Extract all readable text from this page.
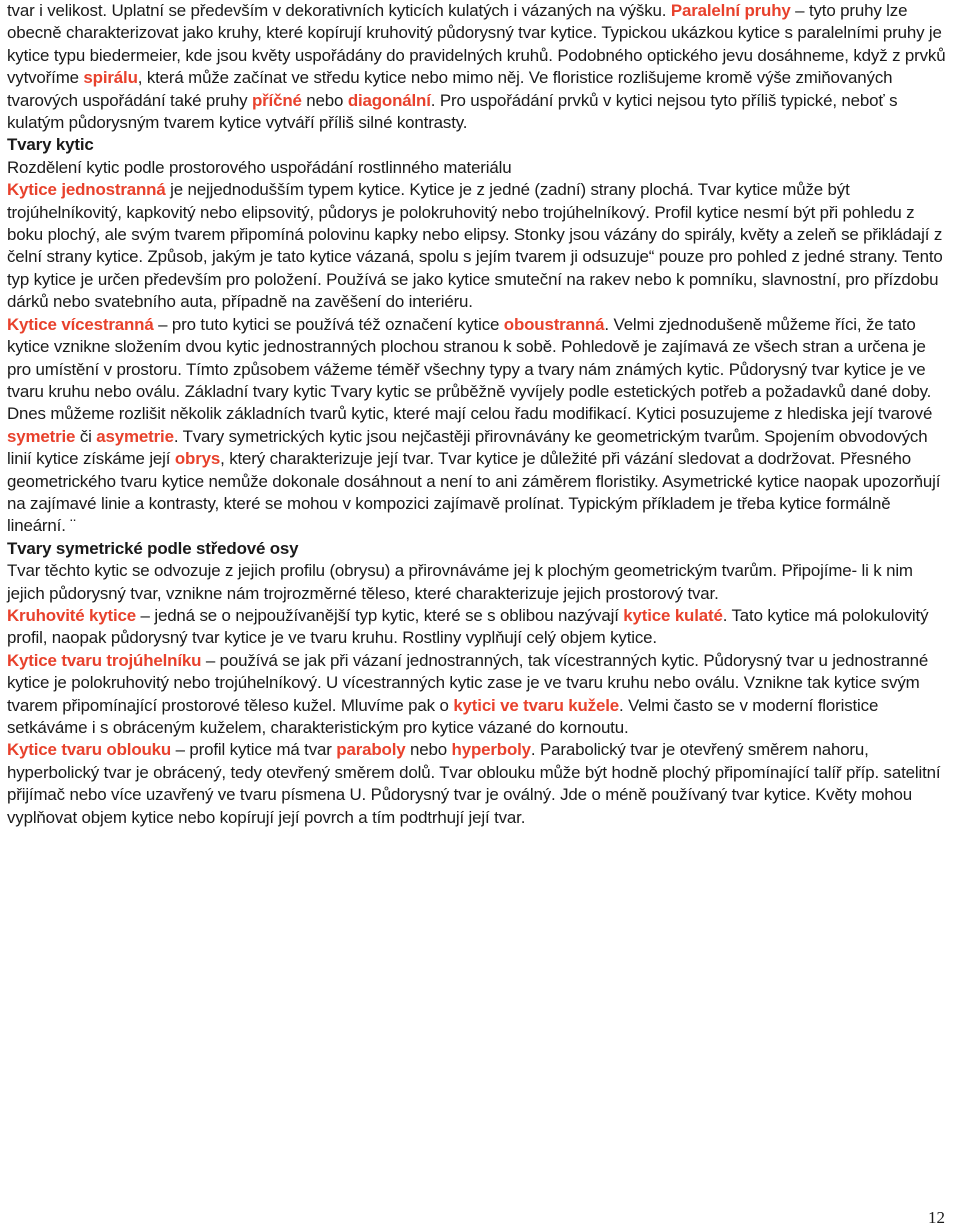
tvar i velikost. Uplatní se především v dekorativních kyticích kulatých i vázaných na výšku. Paralelní pruhy – tyto pruhy lze obecně charakterizovat jako kruhy, které kopírují kruhovitý půdorysný tvar kytice. Typickou ukázkou kytice s paralelními pruhy je kytice typu biedermeier, kde jsou květy uspořádány do pravidelných kruhů. Podobného optického jevu dosáhneme, když z prvků vytvoříme spirálu, která může začínat ve středu kytice nebo mimo něj. Ve floristice rozlišujeme kromě výše zmiňovaných tvarových uspořádání také pruhy příčné nebo diagonální. Pro uspořádání prvků v kytici nejsou tyto příliš typické, neboť s kulatým půdorysným tvarem kytice vytváří příliš silné kontrasty.

Tvary kytic

Rozdělení kytic podle prostorového uspořádání rostlinného materiálu

Kytice jednostranná je nejjednodušším typem kytice. Kytice je z jedné (zadní) strany plochá. Tvar kytice může být trojúhelníkovitý, kapkovitý nebo elipsovitý, půdorys je polokruhovitý nebo trojúhelníkový. Profil kytice nesmí být při pohledu z boku plochý, ale svým tvarem připomíná polovinu kapky nebo elipsy. Stonky jsou vázány do spirály, květy a zeleň se přikládají z čelní strany kytice. Způsob, jakým je tato kytice vázaná, spolu s jejím tvarem ji odsuzuje“ pouze pro pohled z jedné strany. Tento typ kytice je určen především pro položení. Používá se jako kytice smuteční na rakev nebo k pomníku, slavnostní, pro přízdobu dárků nebo svatebního auta, případně na zavěšení do interiéru.

Kytice vícestranná – pro tuto kytici se používá též označení kytice oboustranná. Velmi zjednodušeně můžeme říci, že tato kytice vznikne složením dvou kytic jednostranných plochou stranou k sobě. Pohledově je zajímavá ze všech stran a určena je pro umístění v prostoru. Tímto způsobem vážeme téměř všechny typy a tvary nám známých kytic. Půdorysný tvar kytice je ve tvaru kruhu nebo oválu. Základní tvary kytic Tvary kytic se průběžně vyvíjely podle estetických potřeb a požadavků dané doby. Dnes můžeme rozlišit několik základních tvarů kytic, které mají celou řadu modifikací. Kytici posuzujeme z hlediska její tvarové symetrie či asymetrie. Tvary symetrických kytic jsou nejčastěji přirovnávány ke geometrickým tvarům. Spojením obvodových linií kytice získáme její obrys, který charakterizuje její tvar. Tvar kytice je důležité při vázání sledovat a dodržovat. Přesného geometrického tvaru kytice nemůže dokonale dosáhnout a není to ani záměrem floristiky. Asymetrické kytice naopak upozorňují na zajímavé linie a kontrasty, které se mohou v kompozici zajímavě prolínat. Typickým příkladem je třeba kytice formálně lineární. ¨

Tvary symetrické podle středové osy

Tvar těchto kytic se odvozuje z jejich profilu (obrysu) a přirovnáváme jej k plochým geometrickým tvarům. Připojíme- li k nim jejich půdorysný tvar, vznikne nám trojrozměrné těleso, které charakterizuje jejich prostorový tvar.

Kruhovité kytice – jedná se o nejpoužívanější typ kytic, které se s oblibou nazývají kytice kulaté. Tato kytice má polokulovitý profil, naopak půdorysný tvar kytice je ve tvaru kruhu. Rostliny vyplňují celý objem kytice.

Kytice tvaru trojúhelníku – používá se jak při vázaní jednostranných, tak vícestranných kytic. Půdorysný tvar u jednostranné kytice je polokruhovitý nebo trojúhelníkový. U vícestranných kytic zase je ve tvaru kruhu nebo oválu. Vznikne tak kytice svým tvarem připomínající prostorové těleso kužel. Mluvíme pak o kytici ve tvaru kužele. Velmi často se v moderní floristice setkáváme i s obráceným kuželem, charakteristickým pro kytice vázané do kornoutu.

Kytice tvaru oblouku – profil kytice má tvar paraboly nebo hyperboly. Parabolický tvar je otevřený směrem nahoru, hyperbolický tvar je obrácený, tedy otevřený směrem dolů. Tvar oblouku může být hodně plochý připomínající talíř příp. satelitní přijímač nebo více uzavřený ve tvaru písmena U. Půdorysný tvar je oválný. Jde o méně používaný tvar kytice. Květy mohou vyplňovat objem kytice nebo kopírují její povrch a tím podtrhují její tvar.

12
